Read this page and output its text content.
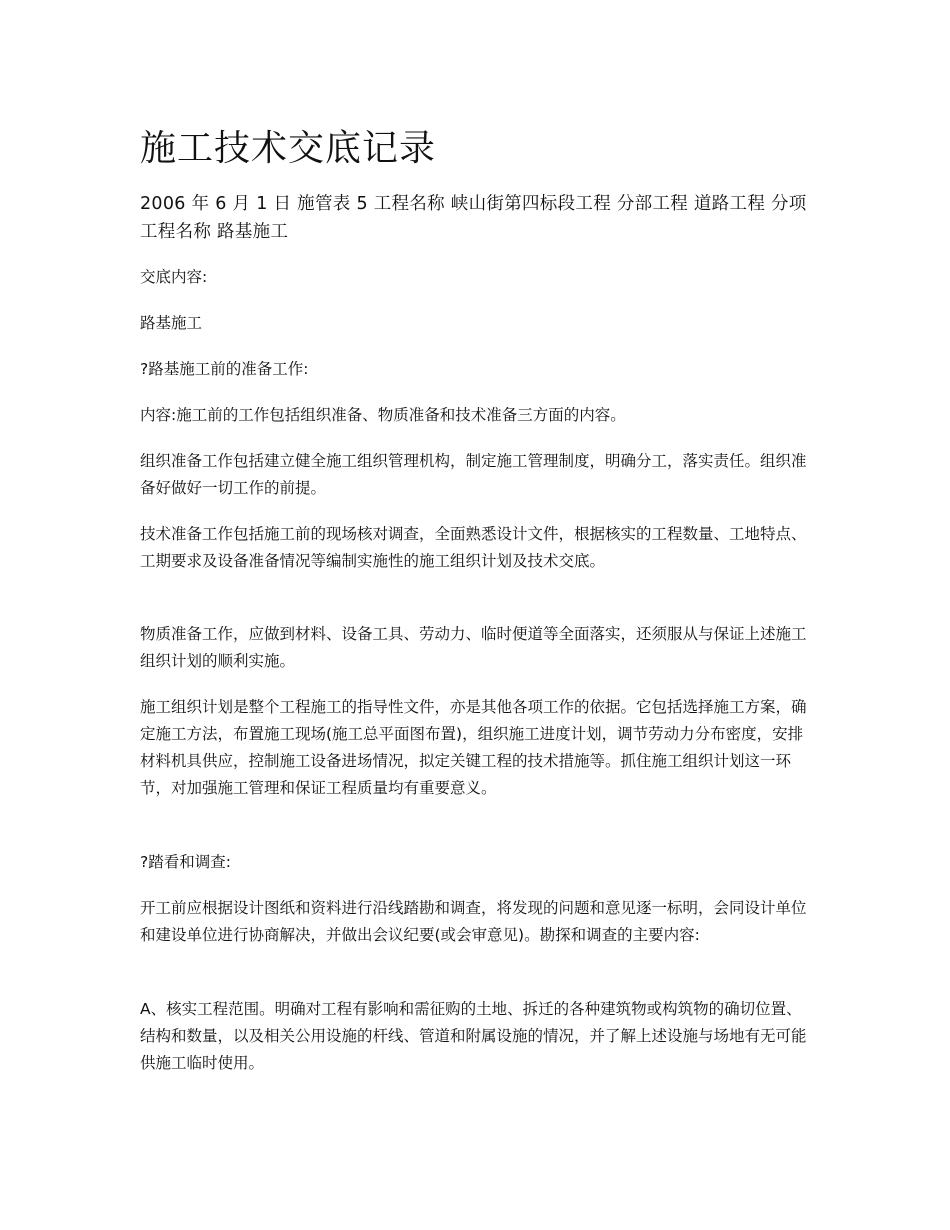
施工技术交底记录
2006 年 6 月 1 日 施管表 5 工程名称 峡山街第四标段工程 分部工程 道路工程 分项工程名称 路基施工

交底内容:

路基施工

?路基施工前的准备工作:

内容:施工前的工作包括组织准备、物质准备和技术准备三方面的内容。

组织准备工作包括建立健全施工组织管理机构，制定施工管理制度，明确分工，落实责任。组织准备好做好一切工作的前提。

技术准备工作包括施工前的现场核对调查，全面熟悉设计文件，根据核实的工程数量、工地特点、工期要求及设备准备情况等编制实施性的施工组织计划及技术交底。

物质准备工作，应做到材料、设备工具、劳动力、临时便道等全面落实，还须服从与保证上述施工组织计划的顺利实施。

施工组织计划是整个工程施工的指导性文件，亦是其他各项工作的依据。它包括选择施工方案，确定施工方法，布置施工现场(施工总平面图布置)，组织施工进度计划，调节劳动力分布密度，安排材料机具供应，控制施工设备进场情况，拟定关键工程的技术措施等。抓住施工组织计划这一环节，对加强施工管理和保证工程质量均有重要意义。

?踏看和调查:

开工前应根据设计图纸和资料进行沿线踏勘和调查，将发现的问题和意见逐一标明，会同设计单位和建设单位进行协商解决，并做出会议纪要(或会审意见)。勘探和调查的主要内容:

A、核实工程范围。明确对工程有影响和需征购的土地、拆迁的各种建筑物或构筑物的确切位置、结构和数量，以及相关公用设施的杆线、管道和附属设施的情况，并了解上述设施与场地有无可能供施工临时使用。
